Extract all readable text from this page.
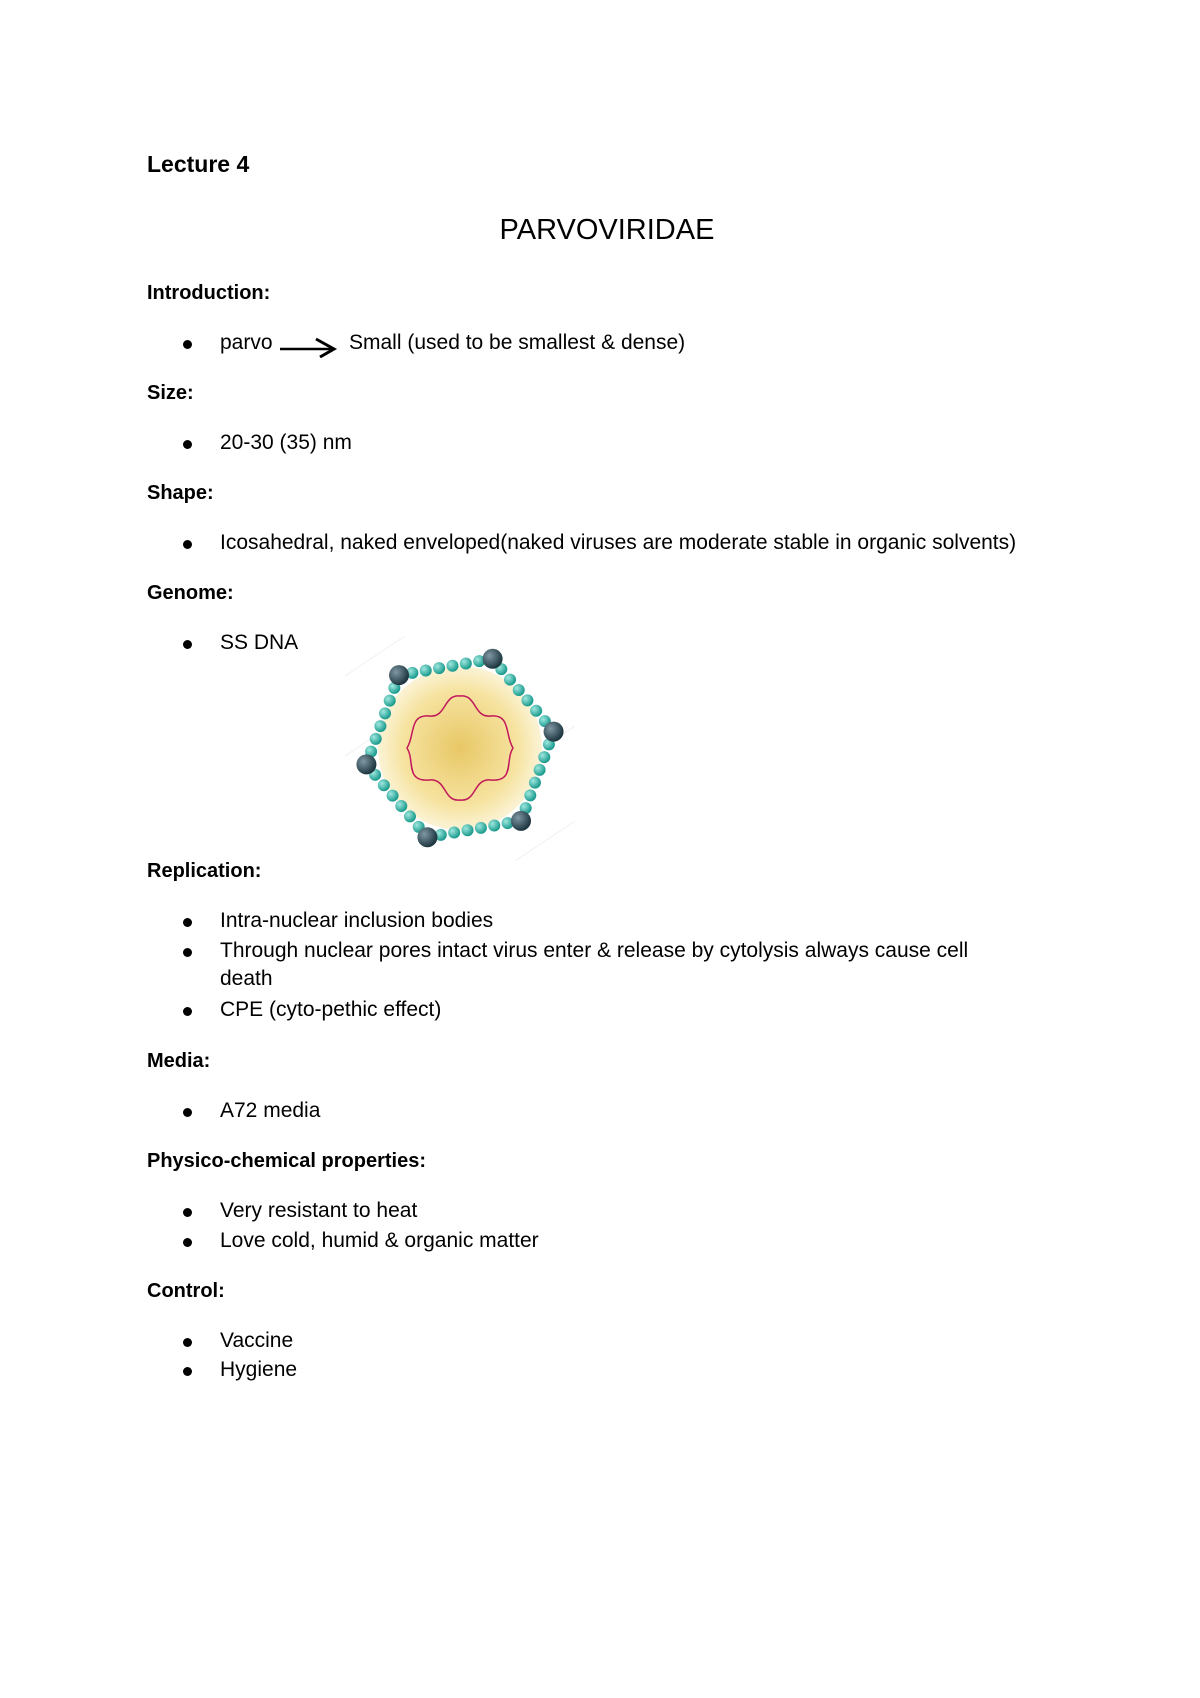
Lecture 4
PARVOVIRIDAE
Introduction:
parvo	Small (used to be smallest & dense)
Size:
20-30 (35) nm
Shape:
Icosahedral, naked enveloped(naked viruses are moderate stable in organic solvents)
Genome:
SS DNA
Replication:
Intra-nuclear inclusion bodies
Through nuclear pores intact virus enter & release by cytolysis always cause cell death
CPE (cyto-pethic effect)
Media:
A72 media
Physico-chemical properties:
Very resistant to heat
Love cold, humid & organic matter
Control:
Vaccine
Hygiene
